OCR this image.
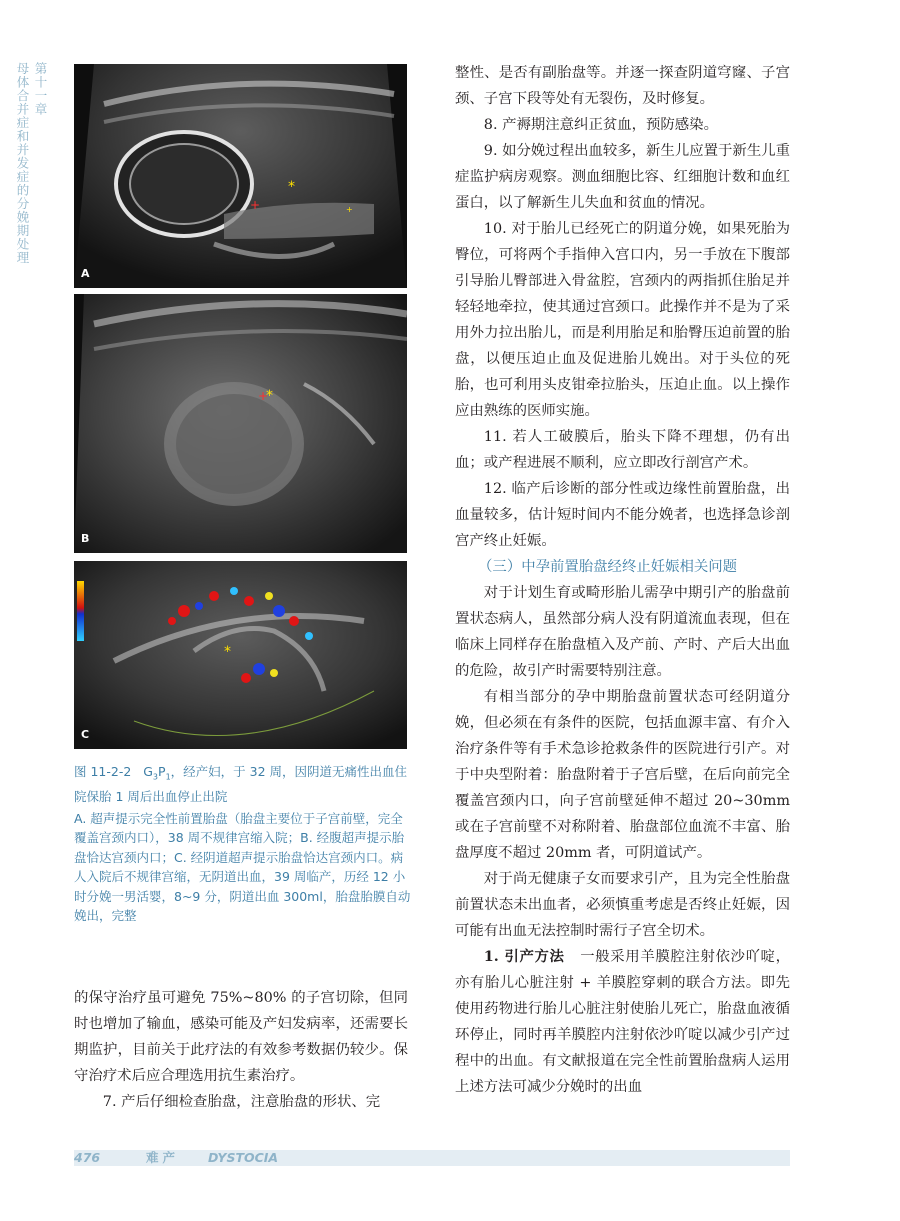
第十一章
母体合并症和并发症的分娩期处理	*
+	+
A
*
+
B
*
C

图 11-2-2 $G_3P_1$，经产妇，于 32 周，因阴道无痛性出血住院保胎 1 周后出血停止出院

A. 超声提示完全性前置胎盘（胎盘主要位于子宫前壁，完全覆盖宫颈内口），38 周不规律宫缩入院；B. 经腹超声提示胎盘恰达宫颈内口；C. 经阴道超声提示胎盘恰达宫颈内口。病人入院后不规律宫缩，无阴道出血，39 周临产，历经 12 小时分娩一男活婴，8~9 分，阴道出血 300ml，胎盘胎膜自动娩出，完整

的保守治疗虽可避免 75%~80% 的子宫切除，但同时也增加了输血，感染可能及产妇发病率，还需要长期监护，目前关于此疗法的有效参考数据仍较少。保守治疗术后应合理选用抗生素治疗。

7. 产后仔细检查胎盘，注意胎盘的形状、完

整性、是否有副胎盘等。并逐一探查阴道穹窿、子宫颈、子宫下段等处有无裂伤，及时修复。

8. 产褥期注意纠正贫血，预防感染。

9. 如分娩过程出血较多，新生儿应置于新生儿重症监护病房观察。测血细胞比容、红细胞计数和血红蛋白，以了解新生儿失血和贫血的情况。

10. 对于胎儿已经死亡的阴道分娩，如果死胎为臀位，可将两个手指伸入宫口内，另一手放在下腹部引导胎儿臀部进入骨盆腔，宫颈内的两指抓住胎足并轻轻地牵拉，使其通过宫颈口。此操作并不是为了采用外力拉出胎儿，而是利用胎足和胎臀压迫前置的胎盘，以便压迫止血及促进胎儿娩出。对于头位的死胎，也可利用头皮钳牵拉胎头，压迫止血。以上操作应由熟练的医师实施。

11. 若人工破膜后，胎头下降不理想，仍有出血；或产程进展不顺利，应立即改行剖宫产术。

12. 临产后诊断的部分性或边缘性前置胎盘，出血量较多，估计短时间内不能分娩者，也选择急诊剖宫产终止妊娠。

（三）中孕前置胎盘经终止妊娠相关问题

对于计划生育或畸形胎儿需孕中期引产的胎盘前置状态病人，虽然部分病人没有阴道流血表现，但在临床上同样存在胎盘植入及产前、产时、产后大出血的危险，故引产时需要特别注意。

有相当部分的孕中期胎盘前置状态可经阴道分娩，但必须在有条件的医院，包括血源丰富、有介入治疗条件等有手术急诊抢救条件的医院进行引产。对于中央型附着：胎盘附着于子宫后壁，在后向前完全覆盖宫颈内口，向子宫前壁延伸不超过 20~30mm 或在子宫前壁不对称附着、胎盘部位血流不丰富、胎盘厚度不超过 20mm 者，可阴道试产。

对于尚无健康子女而要求引产，且为完全性胎盘前置状态未出血者，必须慎重考虑是否终止妊娠，因可能有出血无法控制时需行子宫全切术。

1. 引产方法 一般采用羊膜腔注射依沙吖啶，亦有胎儿心脏注射 + 羊膜腔穿刺的联合方法。即先使用药物进行胎儿心脏注射使胎儿死亡，胎盘血液循环停止，同时再羊膜腔内注射依沙吖啶以减少引产过程中的出血。有文献报道在完全性前置胎盘病人运用上述方法可减少分娩时的出血

476	难产 DYSTOCIA
